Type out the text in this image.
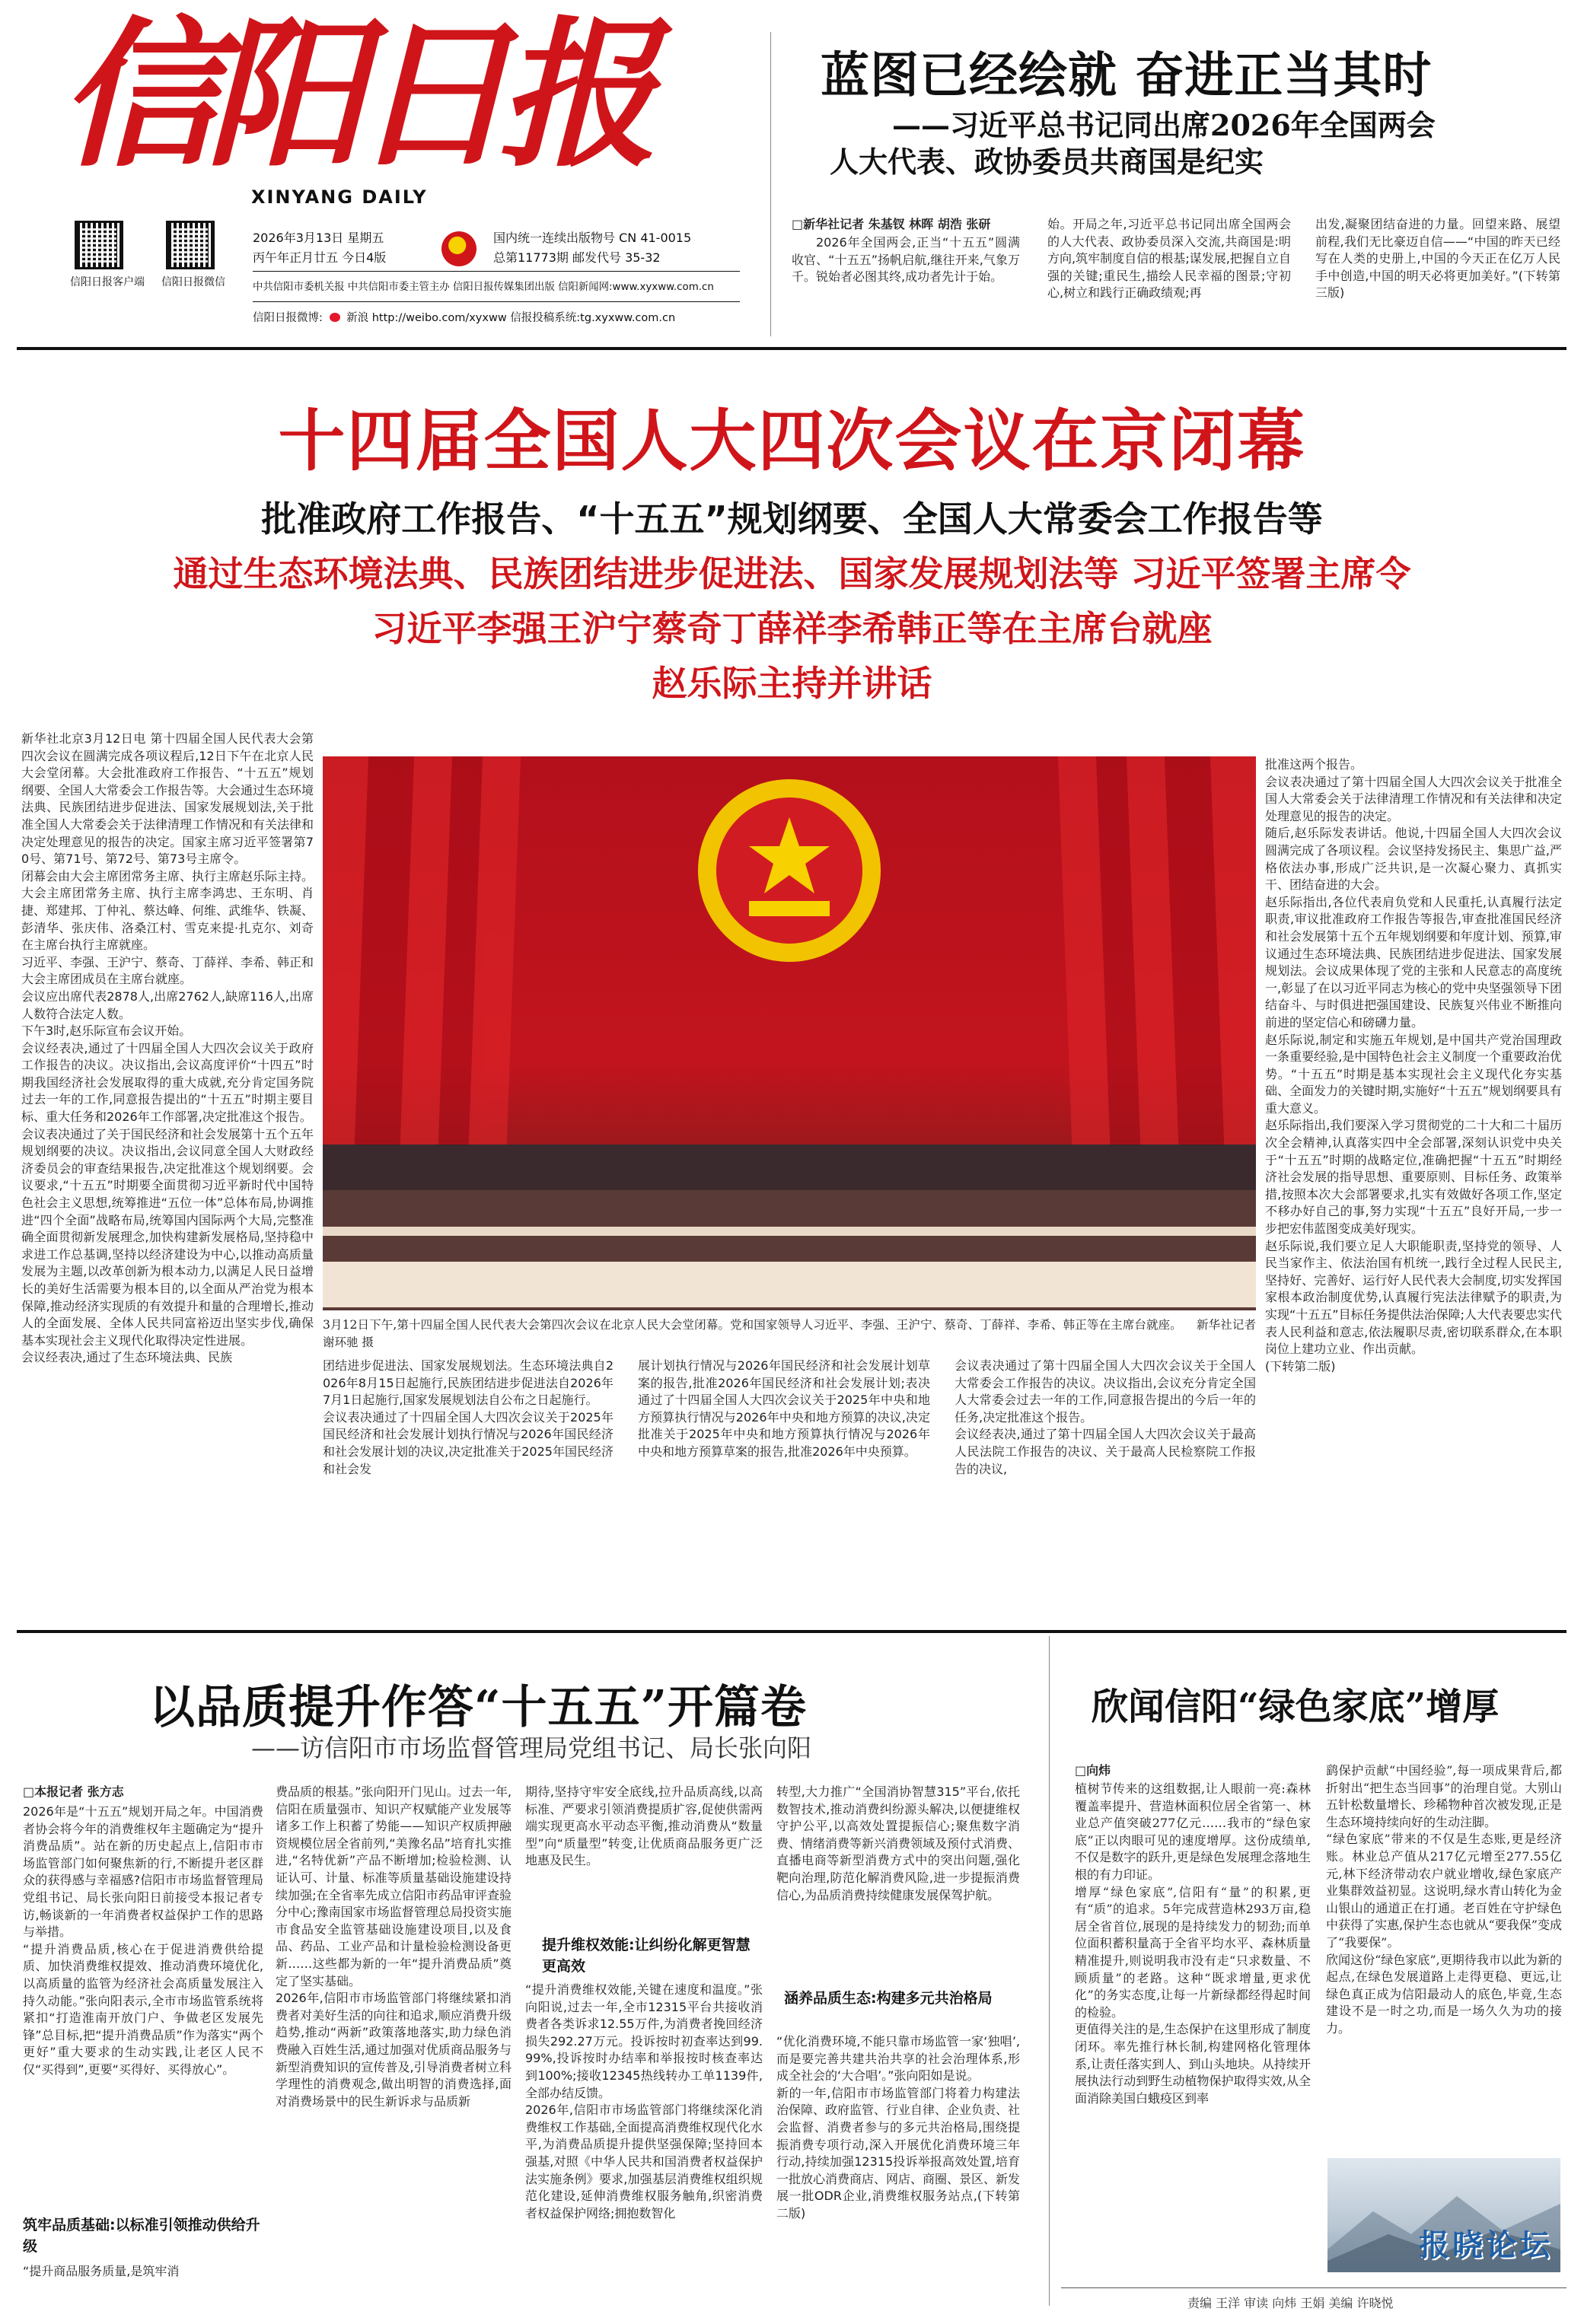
信阳日报
XINYANG DAILY
信阳日报客户端 信阳日报微信
2026年3月13日 星期五
丙午年正月廿五 今日4版
国内统一连续出版物号 CN 41-0015
总第11773期 邮发代号 35-32
中共信阳市委机关报 中共信阳市委主管主办 信阳日报传媒集团出版 信阳新闻网:www.xyxww.com.cn
信阳日报微博: 新浪 http://weibo.com/xyxww 信报投稿系统:tg.xyxww.com.cn
蓝图已经绘就 奋进正当其时
——习近平总书记同出席2026年全国两会
人大代表、政协委员共商国是纪实
□新华社记者 朱基钗 林晖 胡浩 张研
2026年全国两会,正当“十五五”圆满收官、“十五五”扬帆启航,继往开来,气象万千。锐始者必图其终,成功者先计于始。
始。开局之年,习近平总书记同出席全国两会的人大代表、政协委员深入交流,共商国是:明方向,筑牢制度自信的根基;谋发展,把握自立自强的关键;重民生,描绘人民幸福的图景;守初心,树立和践行正确政绩观;再
出发,凝聚团结奋进的力量。回望来路、展望前程,我们无比豪迈自信——“中国的昨天已经写在人类的史册上,中国的今天正在亿万人民手中创造,中国的明天必将更加美好。”(下转第三版)
十四届全国人大四次会议在京闭幕
批准政府工作报告、“十五五”规划纲要、全国人大常委会工作报告等
通过生态环境法典、民族团结进步促进法、国家发展规划法等 习近平签署主席令
习近平李强王沪宁蔡奇丁薛祥李希韩正等在主席台就座
赵乐际主持并讲话

新华社北京3月12日电 第十四届全国人民代表大会第四次会议在圆满完成各项议程后,12日下午在北京人民大会堂闭幕。大会批准政府工作报告、“十五五”规划纲要、全国人大常委会工作报告等。大会通过生态环境法典、民族团结进步促进法、国家发展规划法,关于批准全国人大常委会关于法律清理工作情况和有关法律和决定处理意见的报告的决定。国家主席习近平签署第70号、第71号、第72号、第73号主席令。
闭幕会由大会主席团常务主席、执行主席赵乐际主持。大会主席团常务主席、执行主席李鸿忠、王东明、肖捷、郑建邦、丁仲礼、蔡达峰、何维、武维华、铁凝、彭清华、张庆伟、洛桑江村、雪克来提·扎克尔、刘奇在主席台执行主席就座。
习近平、李强、王沪宁、蔡奇、丁薛祥、李希、韩正和大会主席团成员在主席台就座。
会议应出席代表2878人,出席2762人,缺席116人,出席人数符合法定人数。
下午3时,赵乐际宣布会议开始。
会议经表决,通过了十四届全国人大四次会议关于政府工作报告的决议。决议指出,会议高度评价“十四五”时期我国经济社会发展取得的重大成就,充分肯定国务院过去一年的工作,同意报告提出的“十五五”时期主要目标、重大任务和2026年工作部署,决定批准这个报告。
会议表决通过了关于国民经济和社会发展第十五个五年规划纲要的决议。决议指出,会议同意全国人大财政经济委员会的审查结果报告,决定批准这个规划纲要。会议要求,“十五五”时期要全面贯彻习近平新时代中国特色社会主义思想,统筹推进“五位一体”总体布局,协调推进“四个全面”战略布局,统筹国内国际两个大局,完整准确全面贯彻新发展理念,加快构建新发展格局,坚持稳中求进工作总基调,坚持以经济建设为中心,以推动高质量发展为主题,以改革创新为根本动力,以满足人民日益增长的美好生活需要为根本目的,以全面从严治党为根本保障,推动经济实现质的有效提升和量的合理增长,推动人的全面发展、全体人民共同富裕迈出坚实步伐,确保基本实现社会主义现代化取得决定性进展。
会议经表决,通过了生态环境法典、民族

3月12日下午,第十四届全国人民代表大会第四次会议在北京人民大会堂闭幕。党和国家领导人习近平、李强、王沪宁、蔡奇、丁薛祥、李希、韩正等在主席台就座。 新华社记者 谢环驰 摄

团结进步促进法、国家发展规划法。生态环境法典自2026年8月15日起施行,民族团结进步促进法自2026年7月1日起施行,国家发展规划法自公布之日起施行。
会议表决通过了十四届全国人大四次会议关于2025年国民经济和社会发展计划执行情况与2026年国民经济和社会发展计划的决议,决定批准关于2025年国民经济和社会发

展计划执行情况与2026年国民经济和社会发展计划草案的报告,批准2026年国民经济和社会发展计划;表决通过了十四届全国人大四次会议关于2025年中央和地方预算执行情况与2026年中央和地方预算的决议,决定批准关于2025年中央和地方预算执行情况与2026年中央和地方预算草案的报告,批准2026年中央预算。

会议表决通过了第十四届全国人大四次会议关于全国人大常委会工作报告的决议。决议指出,会议充分肯定全国人大常委会过去一年的工作,同意报告提出的今后一年的任务,决定批准这个报告。
会议经表决,通过了第十四届全国人大四次会议关于最高人民法院工作报告的决议、关于最高人民检察院工作报告的决议,

批准这两个报告。
会议表决通过了第十四届全国人大四次会议关于批准全国人大常委会关于法律清理工作情况和有关法律和决定处理意见的报告的决定。
随后,赵乐际发表讲话。他说,十四届全国人大四次会议圆满完成了各项议程。会议坚持发扬民主、集思广益,严格依法办事,形成广泛共识,是一次凝心聚力、真抓实干、团结奋进的大会。
赵乐际指出,各位代表肩负党和人民重托,认真履行法定职责,审议批准政府工作报告等报告,审查批准国民经济和社会发展第十五个五年规划纲要和年度计划、预算,审议通过生态环境法典、民族团结进步促进法、国家发展规划法。会议成果体现了党的主张和人民意志的高度统一,彰显了在以习近平同志为核心的党中央坚强领导下团结奋斗、与时俱进把强国建设、民族复兴伟业不断推向前进的坚定信心和磅礴力量。
赵乐际说,制定和实施五年规划,是中国共产党治国理政一条重要经验,是中国特色社会主义制度一个重要政治优势。“十五五”时期是基本实现社会主义现代化夯实基础、全面发力的关键时期,实施好“十五五”规划纲要具有重大意义。
赵乐际指出,我们要深入学习贯彻党的二十大和二十届历次全会精神,认真落实四中全会部署,深刻认识党中央关于“十五五”时期的战略定位,准确把握“十五五”时期经济社会发展的指导思想、重要原则、目标任务、政策举措,按照本次大会部署要求,扎实有效做好各项工作,坚定不移办好自己的事,努力实现“十五五”良好开局,一步一步把宏伟蓝图变成美好现实。
赵乐际说,我们要立足人大职能职责,坚持党的领导、人民当家作主、依法治国有机统一,践行全过程人民民主,坚持好、完善好、运行好人民代表大会制度,切实发挥国家根本政治制度优势,认真履行宪法法律赋予的职责,为实现“十五五”目标任务提供法治保障;人大代表要忠实代表人民利益和意志,依法履职尽责,密切联系群众,在本职岗位上建功立业、作出贡献。
(下转第二版)

以品质提升作答“十五五”开篇卷
——访信阳市市场监督管理局党组书记、局长张向阳
□本报记者 张方志

2026年是“十五五”规划开局之年。中国消费者协会将今年的消费维权年主题确定为“提升消费品质”。站在新的历史起点上,信阳市市场监管部门如何聚焦新的行,不断提升老区群众的获得感与幸福感?信阳市市场监督管理局党组书记、局长张向阳日前接受本报记者专访,畅谈新的一年消费者权益保护工作的思路与举措。
“提升消费品质,核心在于促进消费供给提质、加快消费维权提效、推动消费环境优化,以高质量的监管为经济社会高质量发展注入持久动能。”张向阳表示,全市市场监管系统将紧扣“打造淮南开放门户、争做老区发展先锋”总目标,把“提升消费品质”作为落实“两个更好”重大要求的生动实践,让老区人民不仅“买得到”,更要“买得好、买得放心”。

筑牢品质基础:以标准引领推动供给升级
“提升商品服务质量,是筑牢消

费品质的根基。”张向阳开门见山。过去一年,信阳在质量强市、知识产权赋能产业发展等诸多工作上积蓄了势能——知识产权质押融资规模位居全省前列,“美豫名品”培育扎实推进,“名特优新”产品不断增加;检验检测、认证认可、计量、标准等质量基础设施建设持续加强;在全省率先成立信阳市药品审评查验分中心;豫南国家市场监督管理总局投资实施市食品安全监管基础设施建设项目,以及食品、药品、工业产品和计量检验检测设备更新……这些都为新的一年“提升消费品质”奠定了坚实基础。
2026年,信阳市市场监管部门将继续紧扣消费者对美好生活的向往和追求,顺应消费升级趋势,推动“两新”政策落地落实,助力绿色消费融入百姓生活,通过加强对优质商品服务与新型消费知识的宣传普及,引导消费者树立科学理性的消费观念,做出明智的消费选择,面对消费场景中的民生新诉求与品质新

期待,坚持守牢安全底线,拉升品质高线,以高标准、严要求引领消费提质扩容,促使供需两端实现更高水平动态平衡,推动消费从“数量型”向“质量型”转变,让优质商品服务更广泛地惠及民生。
提升维权效能:让纠纷化解更智慧更高效

“提升消费维权效能,关键在速度和温度。”张向阳说,过去一年,全市12315平台共接收消费者各类诉求12.55万件,为消费者挽回经济损失292.27万元。投诉按时初查率达到99.99%,投诉按时办结率和举报按时核查率达到100%;接收12345热线转办工单1139件,全部办结反馈。
2026年,信阳市市场监管部门将继续深化消费维权工作基础,全面提高消费维权现代化水平,为消费品质提升提供坚强保障;坚持回本强基,对照《中华人民共和国消费者权益保护法实施条例》要求,加强基层消费维权组织规范化建设,延伸消费维权服务触角,织密消费者权益保护网络;拥抱数智化

转型,大力推广“全国消协智慧315”平台,依托数智技术,推动消费纠纷源头解决,以便捷维权守护公平,以高效处置提振信心;聚焦数字消费、情绪消费等新兴消费领域及预付式消费、直播电商等新型消费方式中的突出问题,强化靶向治理,防范化解消费风险,进一步提振消费信心,为品质消费持续健康发展保驾护航。
涵养品质生态:构建多元共治格局

“优化消费环境,不能只靠市场监管一家‘独唱’,而是要完善共建共治共享的社会治理体系,形成全社会的‘大合唱’。”张向阳如是说。
新的一年,信阳市市场监管部门将着力构建法治保障、政府监管、行业自律、企业负责、社会监督、消费者参与的多元共治格局,围绕提振消费专项行动,深入开展优化消费环境三年行动,持续加强12315投诉举报高效处置,培育一批放心消费商店、网店、商圈、景区、新发展一批ODR企业,消费维权服务站点,(下转第二版)

欣闻信阳“绿色家底”增厚
□向炜

植树节传来的这组数据,让人眼前一亮:森林覆盖率提升、营造林面积位居全省第一、林业总产值突破277亿元……我市的“绿色家底”正以肉眼可见的速度增厚。这份成绩单,不仅是数字的跃升,更是绿色发展理念落地生根的有力印证。
增厚“绿色家底”,信阳有“量”的积累,更有“质”的追求。5年完成营造林293万亩,稳居全省首位,展现的是持续发力的韧劲;而单位面积蓄积量高于全省平均水平、森林质量精准提升,则说明我市没有走“只求数量、不顾质量”的老路。这种“既求增量,更求优化”的务实态度,让每一片新绿都经得起时间的检验。
更值得关注的是,生态保护在这里形成了制度闭环。率先推行林长制,构建网格化管理体系,让责任落实到人、到山头地块。从持续开展执法行动到野生动植物保护取得实效,从全面消除美国白蛾疫区到率

鹞保护贡献“中国经验”,每一项成果背后,都折射出“把生态当回事”的治理自觉。大别山五针松数量增长、珍稀物种首次被发现,正是生态环境持续向好的生动注脚。
“绿色家底”带来的不仅是生态账,更是经济账。林业总产值从217亿元增至277.55亿元,林下经济带动农户就业增收,绿色家底产业集群效益初显。这说明,绿水青山转化为金山银山的通道正在打通。老百姓在守护绿色中获得了实惠,保护生态也就从“要我保”变成了“我要保”。
欣闻这份“绿色家底”,更期待我市以此为新的起点,在绿色发展道路上走得更稳、更远,让绿色真正成为信阳最动人的底色,毕竟,生态建设不是一时之功,而是一场久久为功的接力。

报晓论坛
责编 王洋 审读 向炜 王娟 美编 许晓悦
